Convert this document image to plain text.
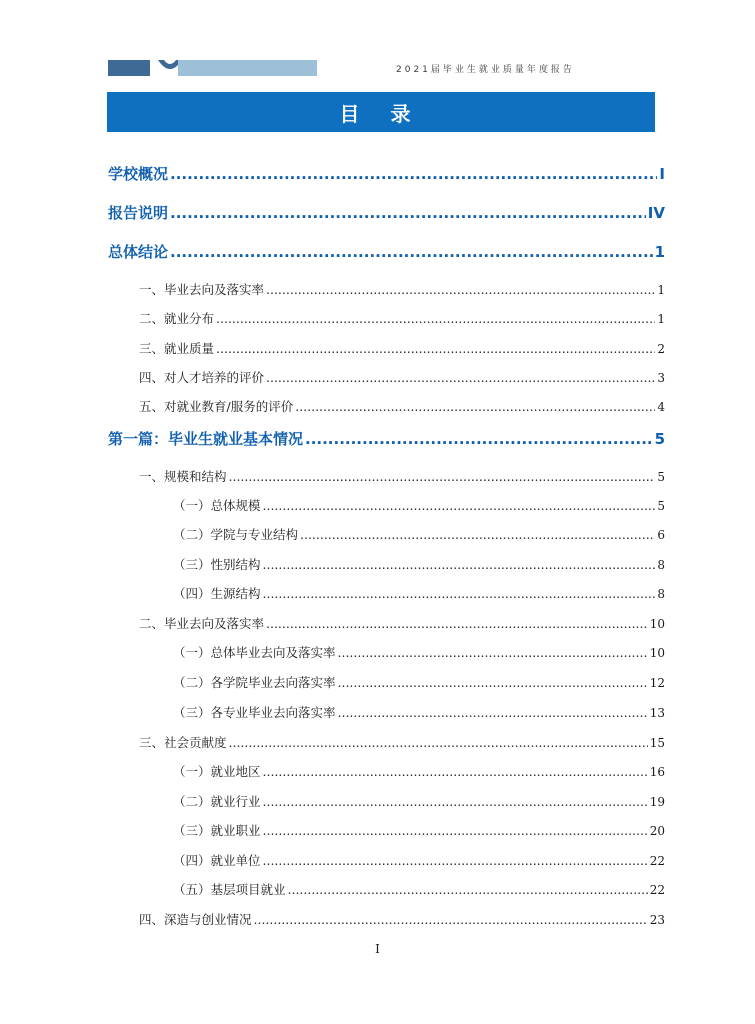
2021届毕业生就业质量年度报告
目 录
学校概况 .....	I
报告说明 .....	IV
总体结论 .....	1
一、毕业去向及落实率 .....	1
二、就业分布 .....	1
三、就业质量 .....	2
四、对人才培养的评价 .....	3
五、对就业教育/服务的评价 .....	4
第一篇：毕业生就业基本情况 .....	5
一、规模和结构 .....	5
（一）总体规模 .....	5
（二）学院与专业结构 .....	6
（三）性别结构 .....	8
（四）生源结构 .....	8
二、毕业去向及落实率 .....	10
（一）总体毕业去向及落实率 .....	10
（二）各学院毕业去向落实率 .....	12
（三）各专业毕业去向落实率 .....	13
三、社会贡献度 .....	15
（一）就业地区 .....	16
（二）就业行业 .....	19
（三）就业职业 .....	20
（四）就业单位 .....	22
（五）基层项目就业 .....	22
四、深造与创业情况 .....	23
I
